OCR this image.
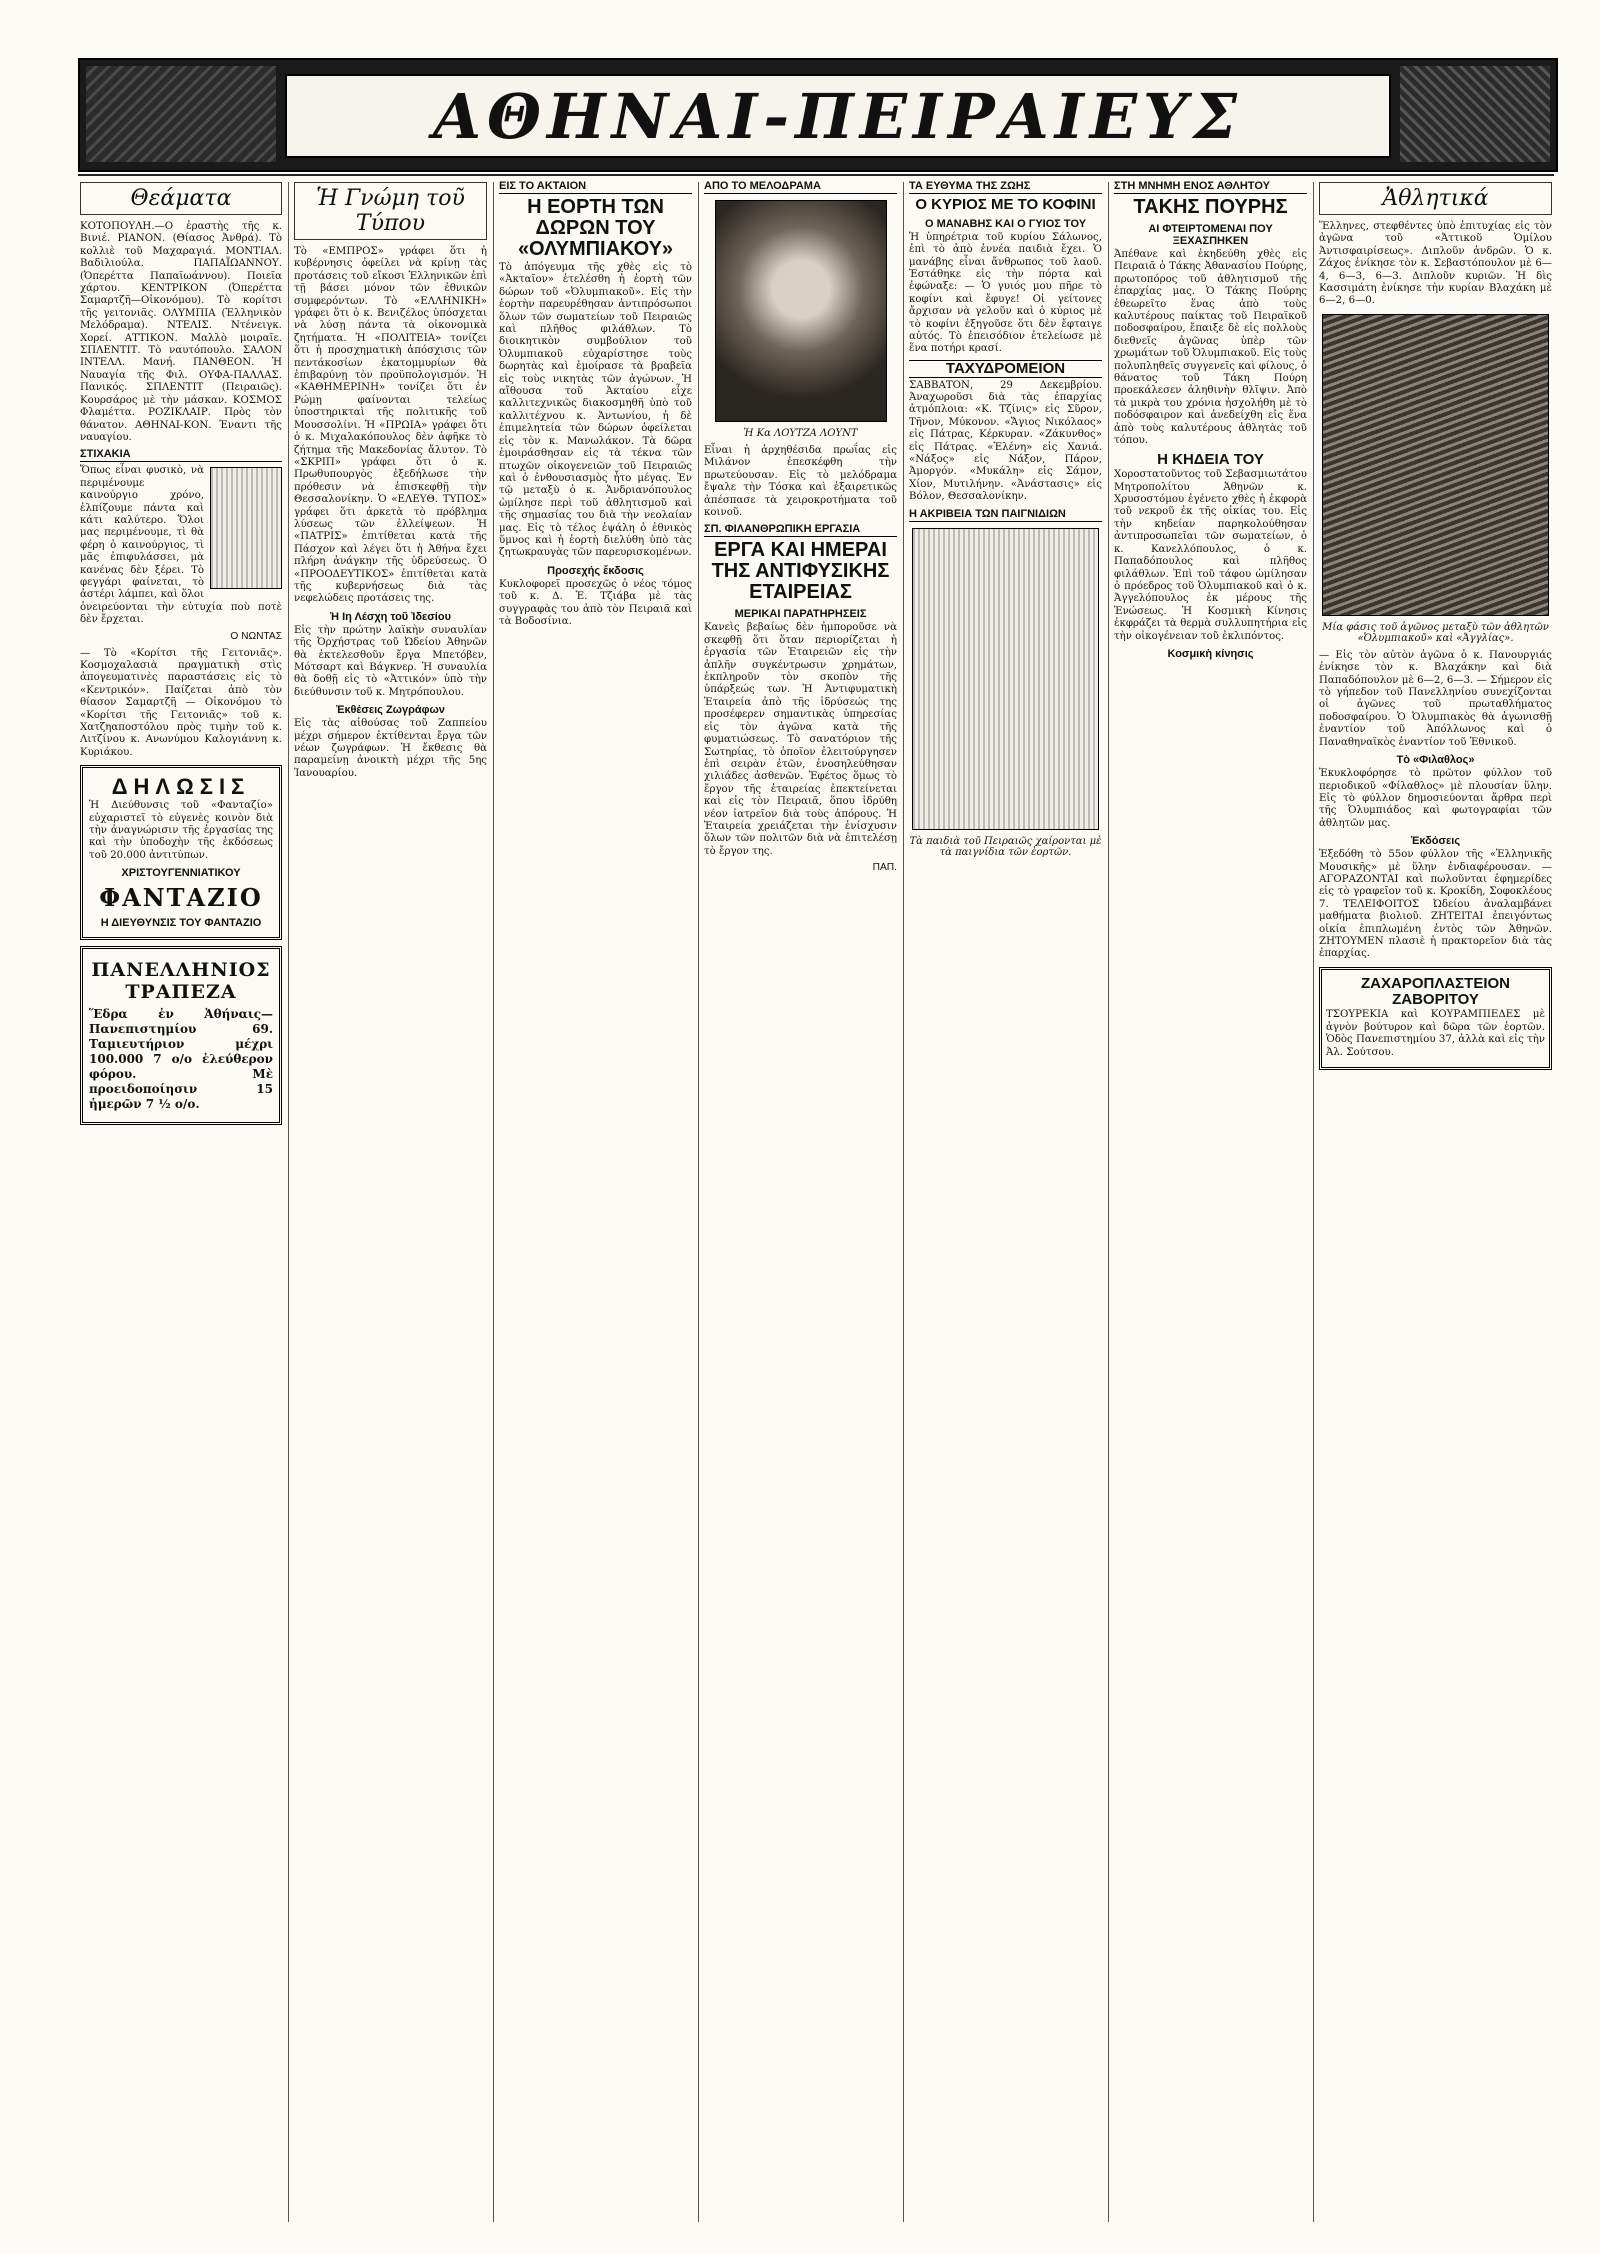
ΑΘΗΝΑΙ-ΠΕΙΡΑΙΕΥΣ
Θεάματα

ΚΟΤΟΠΟΥΛΗ.—Ο ἐραστὴς τῆς κ. Βινιέ. ΡΙΑΝΟΝ. (Θίασος Ἀνθρά). Τὸ κολλιὲ τοῦ Μαχαραγιά. ΜΟΝΤΙΑΛ. Βαδιλιούλα. ΠΑΠΑΪΩΑΝΝΟΥ. (Ὀπερέττα Παπαϊωάννου). Ποιεῖα χάρτου. ΚΕΝΤΡΙΚΟΝ (Ὀπερέττα Σαμαρτζῆ—Οἰκονόμου). Τὸ κορίτσι τῆς γειτονιᾶς. ΟΛΥΜΠΙΑ (Ἑλληνικὸν Μελόδραμα). ΝΤΕΛΙΣ. Ντένειγκ. Χορεί. ΑΤΤΙΚΟΝ. Μαλλὸ μοιραῖε. ΣΠΛΕΝΤΙΤ. Τὸ ναυτόπουλο. ΣΑΛΟΝ ΙΝΤΕΛΛ. Μανή. ΠΑΝΘΕΟΝ. Ἡ Ναυαγία τῆς Φιλ. ΟΥΦΑ-ΠΑΛΛΑΣ. Πανικός. ΣΠΛΕΝΤΙΤ (Πειραιῶς). Κουρσάρος μὲ τὴν μάσκαν. ΚΟΣΜΟΣ Φλαμέττα. ΡΟΖΙΚΛΑΙΡ. Πρὸς τὸν θάνατον. ΑΘΗΝΑΙ-ΚΟΝ. Ἐναντι τῆς ναυαγίου.

ΣΤΙΧΑΚΙΑ

Ὅπως εἶναι φυσικὸ, νὰ περιμένουμε καινούργιο χρόνο, ἐλπίζουμε πάντα καὶ κάτι καλύτερο. Ὅλοι μας περιμένουμε, τὶ θὰ φέρη ὁ καινούργιος, τὶ μᾶς ἐπιφυλάσσει, μὰ κανένας δὲν ξέρει. Τὸ φεγγάρι φαίνεται, τὸ ἀστέρι λάμπει, καὶ ὅλοι ὀνειρεύονται τὴν εὐτυχία ποὺ ποτὲ δὲν ἔρχεται.

Ο ΝΩΝΤΑΣ

— Τὸ «Κορίτσι τῆς Γειτονιᾶς». Κοσμοχαλασιὰ πραγματικὴ στὶς ἀπογευματινὲς παραστάσεις εἰς τὸ «Κεντρικόν». Παίζεται ἀπὸ τὸν θίασον Σαμαρτζῆ — Οἰκονόμου τὸ «Κορίτσι τῆς Γειτονιᾶς» τοῦ κ. Χατζηαποστόλου πρὸς τιμὴν τοῦ κ. Λιτζίνου κ. Ανωνύμου Καλογιάννη κ. Κυριάκου.

ΔΗΛΩΣΙΣ

Ἡ Διεύθυνσις τοῦ «Φανταζίο» εὐχαριστεῖ τὸ εὐγενὲς κοινὸν διὰ τὴν ἀναγνώρισιν τῆς ἐργασίας της καὶ τὴν ὑποδοχὴν τῆς ἐκδόσεως τοῦ 20.000 ἀντιτύπων.

ΧΡΙΣΤΟΥΓΕΝΝΙΑΤΙΚΟΥ
ΦΑΝΤΑΖΙΟ
Η ΔΙΕΥΘΥΝΣΙΣ ΤΟΥ ΦΑΝΤΑΖΙΟ
ΠΑΝΕΛΛΗΝΙΟΣ ΤΡΑΠΕΖΑ

Ἕδρα ἐν Ἀθήναις—Πανεπιστημίου 69. Ταμιευτήριον μέχρι 100.000 7 ο/ο ἐλεύθερον φόρου. Μὲ προειδοποίησιν 15 ἡμερῶν 7 ½ ο/ο.

Ἡ Γνώμη τοῦ Τύπου

Τὸ «ΕΜΠΡΟΣ» γράφει ὅτι ἡ κυβέρνησις ὀφείλει νὰ κρίνῃ τὰς προτάσεις τοῦ εἴκοσι Ἑλληνικῶν ἐπὶ τῇ βάσει μόνον τῶν ἐθνικῶν συμφερόντων. Τὸ «ΕΛΛΗΝΙΚΗ» γράφει ὅτι ὁ κ. Βενιζέλος ὑπόσχεται νὰ λύσῃ πάντα τὰ οἰκονομικὰ ζητήματα. Ἡ «ΠΟΛΙΤΕΙΑ» τονίζει ὅτι ἡ προσχηματικὴ ἀπόσχισις τῶν πεντάκοσίων ἐκατομμυρίων θὰ ἐπιβαρύνῃ τὸν προϋπολογισμόν. Ἡ «ΚΑΘΗΜΕΡΙΝΗ» τονίζει ὅτι ἐν Ρώμῃ φαίνονται τελείως ὑποστηρικταὶ τῆς πολιτικῆς τοῦ Μουσσολίνι. Ἡ «ΠΡΩΙΑ» γράφει ὅτι ὁ κ. Μιχαλακόπουλος δὲν ἀφῆκε τὸ ζήτημα τῆς Μακεδονίας ἄλυτον. Τὸ «ΣΚΡΙΠ» γράφει ὅτι ὁ κ. Πρωθυπουργὸς ἐξεδήλωσε τὴν πρόθεσιν νὰ ἐπισκεφθῇ τὴν Θεσσαλονίκην. Ὁ «ΕΛΕΥΘ. ΤΥΠΟΣ» γράφει ὅτι ἀρκετὰ τὸ πρόβλημα λύσεως τῶν ἐλλείψεων. Ἡ «ΠΑΤΡΙΣ» ἐπιτίθεται κατὰ τῆς Πάσχον καὶ λέγει ὅτι ἡ Ἀθήνα ἔχει πλήρη ἀνάγκην τῆς ὑδρεύσεως. Ὁ «ΠΡΟΟΔΕΥΤΙΚΟΣ» ἐπιτίθεται κατὰ τῆς κυβερνήσεως διὰ τὰς νεφελώδεις προτάσεις της.

Ἡ Ιη Λέσχη τοῦ Ἰδεσίου

Εἰς τὴν πρώτην λαϊκὴν συναυλίαν τῆς Ὀρχήστρας τοῦ Ὠδείου Ἀθηνῶν θὰ ἐκτελεσθοῦν ἔργα Μπετόβεν, Μότσαρτ καὶ Βάγκνερ. Ἡ συναυλία θὰ δοθῇ εἰς τὸ «Ἀττικόν» ὑπὸ τὴν διεύθυνσιν τοῦ κ. Μητρόπουλου.

Ἐκθέσεις Ζωγράφων

Εἰς τὰς αἰθούσας τοῦ Ζαππείου μέχρι σήμερον ἐκτίθενται ἔργα τῶν νέων ζωγράφων. Ἡ ἔκθεσις θὰ παραμείνῃ ἀνοικτὴ μέχρι τῆς 5ης Ἰανουαρίου.

ΕΙΣ ΤΟ ΑΚΤΑΙΟΝ
Η ΕΟΡΤΗ ΤΩΝ ΔΩΡΩΝ ΤΟΥ «ΟΛΥΜΠΙΑΚΟΥ»

Τὸ ἀπόγευμα τῆς χθὲς εἰς τὸ «Ἀκταῖον» ἐτελέσθη ἡ ἑορτὴ τῶν δώρων τοῦ «Ὀλυμπιακοῦ». Εἰς τὴν ἑορτὴν παρευρέθησαν ἀντιπρόσωποι ὅλων τῶν σωματείων τοῦ Πειραιῶς καὶ πλῆθος φιλάθλων. Τὸ διοικητικὸν συμβούλιον τοῦ Ὀλυμπιακοῦ εὐχαρίστησε τοὺς δωρητὰς καὶ ἐμοίρασε τὰ βραβεῖα εἰς τοὺς νικητὰς τῶν ἀγώνων. Ἡ αἴθουσα τοῦ Ἀκταίου εἶχε καλλιτεχνικῶς διακοσμηθῆ ὑπὸ τοῦ καλλιτέχνου κ. Ἀντωνίου, ἡ δὲ ἐπιμελητεία τῶν δώρων ὀφείλεται εἰς τὸν κ. Μανωλάκον. Τὰ δῶρα ἐμοιράσθησαν εἰς τὰ τέκνα τῶν πτωχῶν οἰκογενειῶν τοῦ Πειραιῶς καὶ ὁ ἐνθουσιασμὸς ἦτο μέγας. Ἐν τῷ μεταξὺ ὁ κ. Ἀνδριανόπουλος ὡμίλησε περὶ τοῦ ἀθλητισμοῦ καὶ τῆς σημασίας του διὰ τὴν νεολαίαν μας. Εἰς τὸ τέλος ἐψάλη ὁ ἐθνικὸς ὕμνος καὶ ἡ ἑορτὴ διελύθη ὑπὸ τὰς ζητωκραυγὰς τῶν παρευρισκομένων.

Προσεχής ἔκδοσις

Κυκλοφορεῖ προσεχῶς ὁ νέος τόμος τοῦ κ. Δ. Ἐ. Τζιάβα μὲ τὰς συγγραφὰς του ἀπὸ τὸν Πειραιᾶ καὶ τὰ Βοδοσίνια.

ΑΠΟ ΤΟ ΜΕΛΟΔΡΑΜΑ
Ἡ Κα ΛΟΥΤΖΑ ΛΟΥΝΤ

Εἶναι ἡ ἀρχηθέσιδα πρωΐας εἰς Μιλάνον ἐπεσκέφθη τὴν πρωτεύουσαν. Εἰς τὸ μελόδραμα ἔψαλε τὴν Τόσκα καὶ ἐξαιρετικῶς ἀπέσπασε τὰ χειροκροτήματα τοῦ κοινοῦ.

ΣΠ. ΦΙΛΑΝΘΡΩΠΙΚΗ ΕΡΓΑΣΙΑ
ΕΡΓΑ ΚΑΙ ΗΜΕΡΑΙ ΤΗΣ ΑΝΤΙΦΥΣΙΚΗΣ ΕΤΑΙΡΕΙΑΣ
ΜΕΡΙΚΑΙ ΠΑΡΑΤΗΡΗΣΕΙΣ

Κανεὶς βεβαίως δὲν ἠμποροῦσε νὰ σκεφθῇ ὅτι ὅταν περιορίζεται ἡ ἐργασία τῶν Ἑταιρειῶν εἰς τὴν ἀπλῆν συγκέντρωσιν χρημάτων, ἐκπληροῦν τὸν σκοπὸν τῆς ὑπάρξεώς των. Ἡ Ἀντιφυματικὴ Ἑταιρεία ἀπὸ τῆς ἱδρύσεώς της προσέφερεν σημαντικὰς ὑπηρεσίας εἰς τὸν ἀγῶνα κατὰ τῆς φυματιώσεως. Τὸ σανατόριον τῆς Σωτηρίας, τὸ ὁποῖον ἐλειτούργησεν ἐπὶ σειρὰν ἐτῶν, ἐνοσηλεύθησαν χιλιάδες ἀσθενῶν. Ἐφέτος ὅμως τὸ ἔργον τῆς ἑταιρείας ἐπεκτείνεται καὶ εἰς τὸν Πειραιᾶ, ὅπου ἱδρύθη νέον ἰατρεῖον διὰ τοὺς ἀπόρους. Ἡ Ἑταιρεία χρειάζεται τὴν ἐνίσχυσιν ὅλων τῶν πολιτῶν διὰ νὰ ἐπιτελέσῃ τὸ ἔργον της.

ΠΑΠ.

ΤΑ ΕΥΘΥΜΑ ΤΗΣ ΖΩΗΣ
Ο ΚΥΡΙΟΣ ΜΕ ΤΟ ΚΟΦΙΝΙ
Ο ΜΑΝΑΒΗΣ ΚΑΙ Ο ΓΥΙΟΣ ΤΟΥ

Ἡ ὑπηρέτρια τοῦ κυρίου Σάλωνος, ἐπὶ τὸ ἀπὸ ἐννέα παιδιὰ ἔχει. Ὁ μανάβης εἶναι ἄνθρωπος τοῦ λαοῦ. Ἐστάθηκε εἰς τὴν πόρτα καὶ ἐφώναξε: — Ὁ γυιός μου πῆρε τὸ κοφίνι καὶ ἔφυγε! Οἱ γείτονες ἄρχισαν νὰ γελοῦν καὶ ὁ κύριος μὲ τὸ κοφίνι ἐξηγοῦσε ὅτι δὲν ἔφταιγε αὐτός. Τὸ ἐπεισόδιον ἐτελείωσε μὲ ἕνα ποτήρι κρασί.

ΤΑΧΥΔΡΟΜΕΙΟΝ

ΣΑΒΒΑΤΟΝ, 29 Δεκεμβρίου. Ἀναχωροῦσι διὰ τὰς ἐπαρχίας ἀτμόπλοια: «Κ. Τζίνις» εἰς Σῦρον, Τῆνον, Μύκονον. «Ἄγιος Νικόλαος» εἰς Πάτρας, Κέρκυραν. «Ζάκυνθος» εἰς Πάτρας. «Ἑλένη» εἰς Χανιά. «Νάξος» εἰς Νάξον, Πάρον, Ἀμοργόν. «Μυκάλη» εἰς Σάμον, Χίον, Μυτιλήνην. «Ἀνάστασις» εἰς Βόλον, Θεσσαλονίκην.

Η ΑΚΡΙΒΕΙΑ ΤΩΝ ΠΑΙΓΝΙΔΙΩΝ
Τὰ παιδιὰ τοῦ Πειραιῶς χαίρονται μὲ τὰ παιγνίδια τῶν ἑορτῶν.
ΣΤΗ ΜΝΗΜΗ ΕΝΟΣ ΑΘΛΗΤΟΥ
ΤΑΚΗΣ ΠΟΥΡΗΣ
ΑΙ ΦΤΕΙΡΤΟΜΕΝΑΙ ΠΟΥ ΞΕΧΑΣΠΗΚΕΝ

Ἀπέθανε καὶ ἐκηδεύθη χθὲς εἰς Πειραιᾶ ὁ Τάκης Ἀθανασίου Πούρης, πρωτοπόρος τοῦ ἀθλητισμοῦ τῆς ἐπαρχίας μας. Ὁ Τάκης Πούρης ἐθεωρεῖτο ἕνας ἀπὸ τοὺς καλυτέρους παίκτας τοῦ Πειραϊκοῦ ποδοσφαίρου, ἔπαιξε δὲ εἰς πολλοὺς διεθνεῖς ἀγῶνας ὑπὲρ τῶν χρωμάτων τοῦ Ὀλυμπιακοῦ. Εἰς τοὺς πολυπληθεῖς συγγενεῖς καὶ φίλους, ὁ θάνατος τοῦ Τάκη Πούρη προεκάλεσεν ἀληθινὴν θλῖψιν. Ἀπὸ τὰ μικρὰ του χρόνια ἠσχολήθη μὲ τὸ ποδόσφαιρον καὶ ἀνεδείχθη εἰς ἕνα ἀπὸ τοὺς καλυτέρους ἀθλητὰς τοῦ τόπου.

Η ΚΗΔΕΙΑ ΤΟΥ

Χοροστατοῦντος τοῦ Σεβασμιωτάτου Μητροπολίτου Ἀθηνῶν κ. Χρυσοστόμου ἐγένετο χθὲς ἡ ἐκφορὰ τοῦ νεκροῦ ἐκ τῆς οἰκίας του. Εἰς τὴν κηδείαν παρηκολούθησαν ἀντιπροσωπεῖαι τῶν σωματείων, ὁ κ. Κανελλόπουλος, ὁ κ. Παπαδόπουλος καὶ πλῆθος φιλάθλων. Ἐπὶ τοῦ τάφου ὡμίλησαν ὁ πρόεδρος τοῦ Ὀλυμπιακοῦ καὶ ὁ κ. Ἀγγελόπουλος ἐκ μέρους τῆς Ἑνώσεως. Ἡ Κοσμικὴ Κίνησις ἐκφράζει τὰ θερμὰ συλλυπητήρια εἰς τὴν οἰκογένειαν τοῦ ἐκλιπόντος.

Κοσμικὴ κίνησις
Ἀθλητικά

Ἕλληνες, στεφθέντες ὑπὸ ἐπιτυχίας εἰς τὸν ἀγῶνα τοῦ «Ἀττικοῦ Ὁμίλου Ἀντισφαιρίσεως». Διπλοῦν ἀνδρῶν. Ὁ κ. Ζάχος ἐνίκησε τὸν κ. Σεβαστόπουλον μὲ 6—4, 6—3, 6—3. Διπλοῦν κυριῶν. Ἡ δὶς Κασσιμάτη ἐνίκησε τὴν κυρίαν Βλαχάκη μὲ 6—2, 6—0.

Μία φάσις τοῦ ἀγῶνος μεταξὺ τῶν ἀθλητῶν «Ὀλυμπιακοῦ» καὶ «Ἀγγλίας».

— Εἰς τὸν αὐτὸν ἀγῶνα ὁ κ. Πανουργιάς ἐνίκησε τὸν κ. Βλαχάκην καὶ διὰ Παπαδόπουλον μὲ 6—2, 6—3. — Σήμερον εἰς τὸ γήπεδον τοῦ Πανελληνίου συνεχίζονται οἱ ἀγῶνες τοῦ πρωταθλήματος ποδοσφαίρου. Ὁ Ὀλυμπιακὸς θὰ ἀγωνισθῇ ἐναντίον τοῦ Ἀπόλλωνος καὶ ὁ Παναθηναϊκὸς ἐναντίον τοῦ Ἐθνικοῦ.

Τὸ «Φιλαθλος»

Ἐκυκλοφόρησε τὸ πρῶτον φύλλον τοῦ περιοδικοῦ «Φίλαθλος» μὲ πλουσίαν ὕλην. Εἰς τὸ φύλλον δημοσιεύονται ἄρθρα περὶ τῆς Ὀλυμπιάδος καὶ φωτογραφίαι τῶν ἀθλητῶν μας.

Ἐκδόσεις

Ἐξεδόθη τὸ 55ον φύλλον τῆς «Ἑλληνικῆς Μουσικῆς» μὲ ὕλην ἐνδιαφέρουσαν. — ΑΓΟΡΑΖΟΝΤΑΙ καὶ πωλοῦνται ἐφημερίδες εἰς τὸ γραφεῖον τοῦ κ. Κροκίδη, Σοφοκλέους 7. ΤΕΛΕΙΦΟΙΤΟΣ Ὠδείου ἀναλαμβάνει μαθήματα βιολιοῦ. ΖΗΤΕΙΤΑΙ ἐπειγόντως οἰκία ἐπιπλωμένη ἐντὸς τῶν Ἀθηνῶν. ΖΗΤΟΥΜΕΝ πλασιὲ ἡ πρακτορεῖον διὰ τὰς ἐπαρχίας.

ΖΑΧΑΡΟΠΛΑΣΤΕΙΟΝ ΖΑΒΟΡΙΤΟΥ

ΤΣΟΥΡΕΚΙΑ καὶ ΚΟΥΡΑΜΠΙΕΔΕΣ μὲ ἀγνὸν βούτυρον καὶ δῶρα τῶν ἑορτῶν. Ὁδὸς Πανεπιστημίου 37, ἀλλὰ καὶ εἰς τὴν Ἀλ. Σούτσου.
